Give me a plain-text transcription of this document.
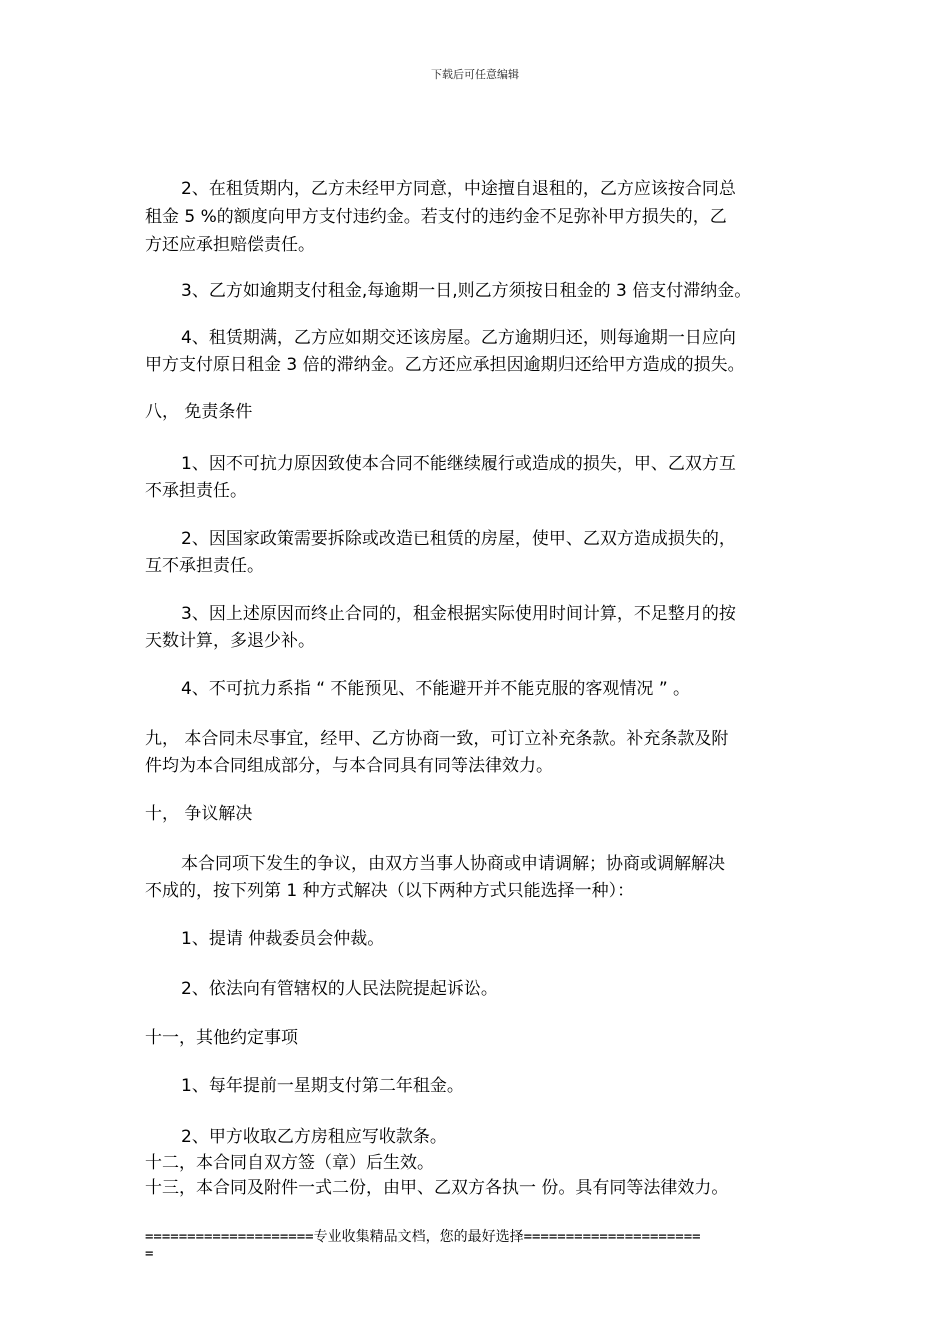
下载后可任意编辑
2、在租赁期内，乙方未经甲方同意，中途擅自退租的，乙方应该按合同总
租金 5 %的额度向甲方支付违约金。若支付的违约金不足弥补甲方损失的，乙
方还应承担赔偿责任。
3、乙方如逾期支付租金,每逾期一日,则乙方须按日租金的 3 倍支付滞纳金。
4、租赁期满，乙方应如期交还该房屋。乙方逾期归还，则每逾期一日应向
甲方支付原日租金 3 倍的滞纳金。乙方还应承担因逾期归还给甲方造成的损失。
八， 免责条件
1、因不可抗力原因致使本合同不能继续履行或造成的损失，甲、乙双方互
不承担责任。
2、因国家政策需要拆除或改造已租赁的房屋，使甲、乙双方造成损失的，
互不承担责任。
3、因上述原因而终止合同的，租金根据实际使用时间计算，不足整月的按
天数计算，多退少补。
4、不可抗力系指 “ 不能预见、不能避开并不能克服的客观情况 ” 。
九， 本合同未尽事宜，经甲、乙方协商一致，可订立补充条款。补充条款及附
件均为本合同组成部分，与本合同具有同等法律效力。
十， 争议解决
本合同项下发生的争议，由双方当事人协商或申请调解；协商或调解解决
不成的，按下列第 1 种方式解决（以下两种方式只能选择一种）：
1、提请 仲裁委员会仲裁。
2、依法向有管辖权的人民法院提起诉讼。
十一，其他约定事项
1、每年提前一星期支付第二年租金。
2、甲方收取乙方房租应写收款条。
十二，本合同自双方签（章）后生效。
十三，本合同及附件一式二份，由甲、乙双方各执一 份。具有同等法律效力。
====================专业收集精品文档，您的最好选择=====================
=
